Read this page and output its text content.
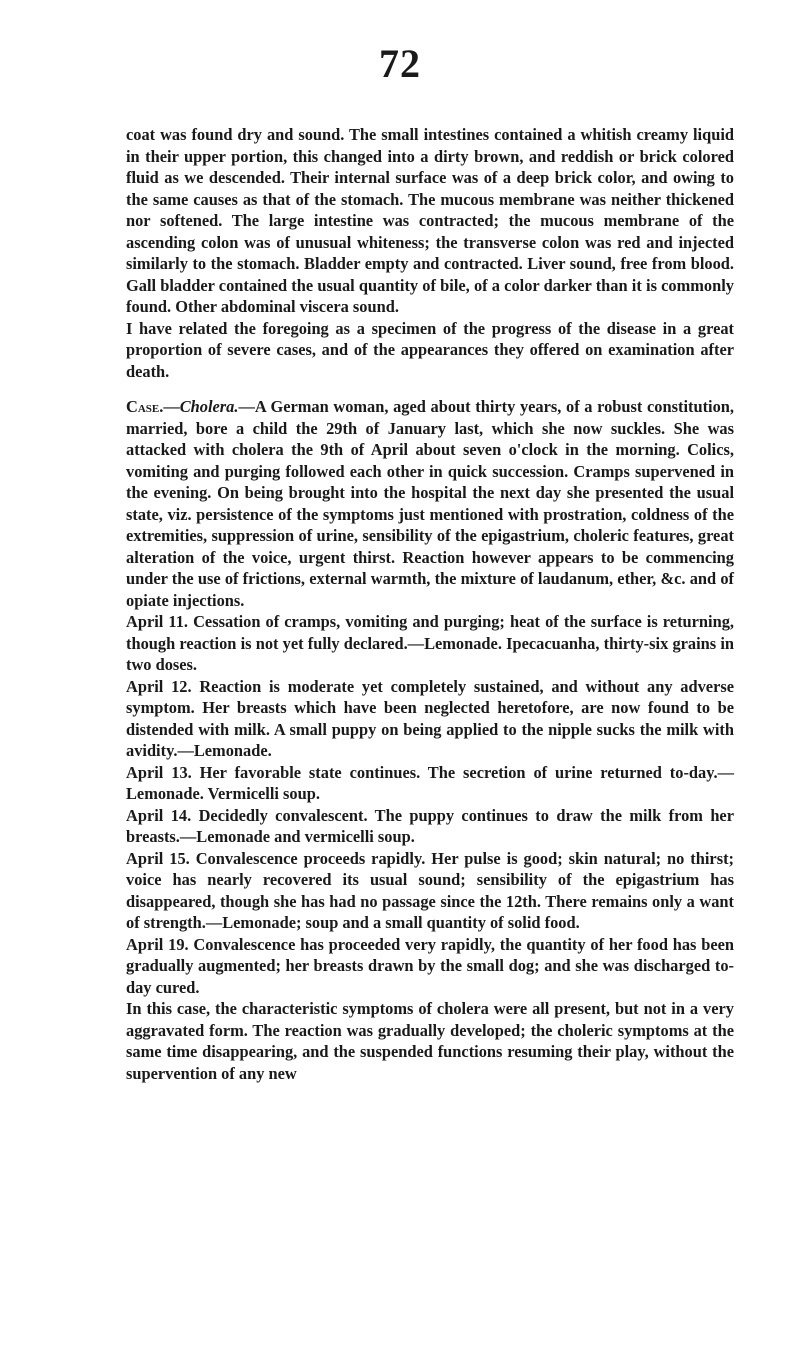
72

coat was found dry and sound. The small intestines contained a whitish creamy liquid in their upper portion, this changed into a dirty brown, and reddish or brick colored fluid as we descended. Their internal surface was of a deep brick color, and owing to the same causes as that of the stomach. The mucous membrane was neither thickened nor softened. The large intestine was contracted; the mucous membrane of the ascending colon was of unusual whiteness; the transverse colon was red and injected similarly to the stomach. Bladder empty and contracted. Liver sound, free from blood. Gall bladder contained the usual quantity of bile, of a color darker than it is commonly found. Other abdominal viscera sound.

I have related the foregoing as a specimen of the progress of the disease in a great proportion of severe cases, and of the appearances they offered on examination after death.

Case.—Cholera.—A German woman, aged about thirty years, of a robust constitution, married, bore a child the 29th of January last, which she now suckles. She was attacked with cholera the 9th of April about seven o'clock in the morning. Colics, vomiting and purging followed each other in quick succession. Cramps supervened in the evening. On being brought into the hospital the next day she presented the usual state, viz. persistence of the symptoms just mentioned with prostration, coldness of the extremities, suppression of urine, sensibility of the epigastrium, choleric features, great alteration of the voice, urgent thirst. Reaction however appears to be commencing under the use of frictions, external warmth, the mixture of laudanum, ether, &c. and of opiate injections.

April 11. Cessation of cramps, vomiting and purging; heat of the surface is returning, though reaction is not yet fully declared.—Lemonade. Ipecacuanha, thirty-six grains in two doses.

April 12. Reaction is moderate yet completely sustained, and without any adverse symptom. Her breasts which have been neglected heretofore, are now found to be distended with milk. A small puppy on being applied to the nipple sucks the milk with avidity.—Lemonade.

April 13. Her favorable state continues. The secretion of urine returned to-day.—Lemonade. Vermicelli soup.

April 14. Decidedly convalescent. The puppy continues to draw the milk from her breasts.—Lemonade and vermicelli soup.

April 15. Convalescence proceeds rapidly. Her pulse is good; skin natural; no thirst; voice has nearly recovered its usual sound; sensibility of the epigastrium has disappeared, though she has had no passage since the 12th. There remains only a want of strength.—Lemonade; soup and a small quantity of solid food.

April 19. Convalescence has proceeded very rapidly, the quantity of her food has been gradually augmented; her breasts drawn by the small dog; and she was discharged to-day cured.

In this case, the characteristic symptoms of cholera were all present, but not in a very aggravated form. The reaction was gradually developed; the choleric symptoms at the same time disappearing, and the suspended functions resuming their play, without the supervention of any new
